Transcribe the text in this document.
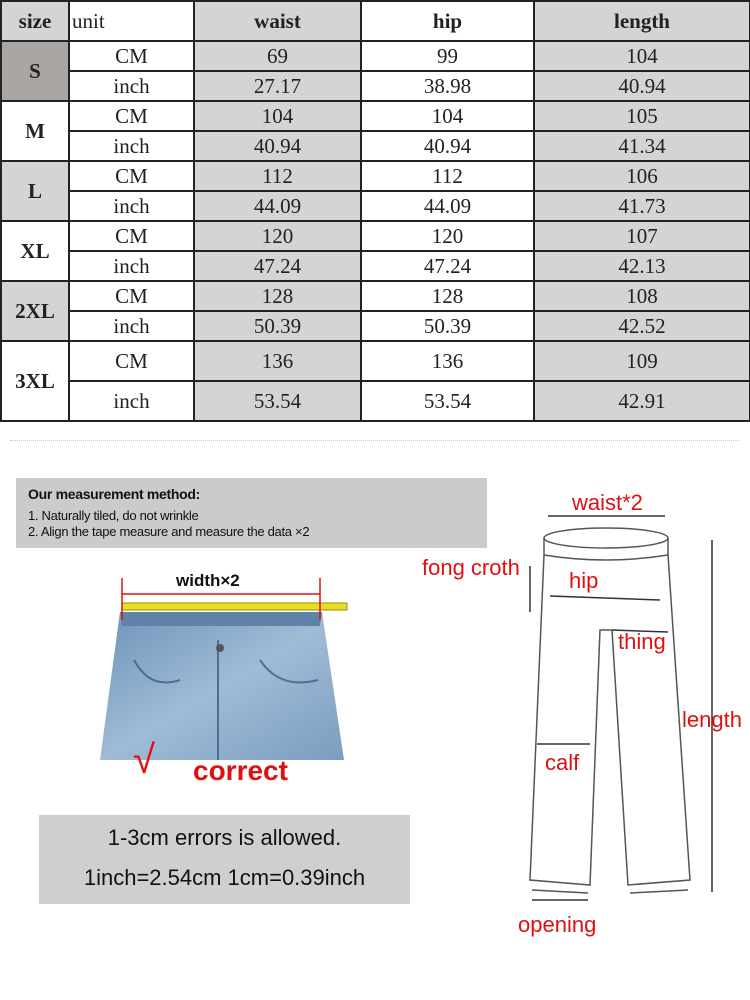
size	unit	waist	hip	length
S	CM	69	99	104
	inch	27.17	38.98	40.94
M	CM	104	104	105
	inch	40.94	40.94	41.34
L	CM	112	112	106
	inch	44.09	44.09	41.73
XL	CM	120	120	107
	inch	47.24	47.24	42.13
2XL	CM	128	128	108
	inch	50.39	50.39	42.52
3XL	CM	136	136	109
	inch	53.54	53.54	42.91
Our measurement method:
1. Naturally tiled, do not wrinkle
2. Align the tape measure and measure the data ×2
width×2
√ correct
1-3cm errors is allowed.
1inch=2.54cm 1cm=0.39inch
waist*2
fong croth
hip
thing
length
calf
opening
